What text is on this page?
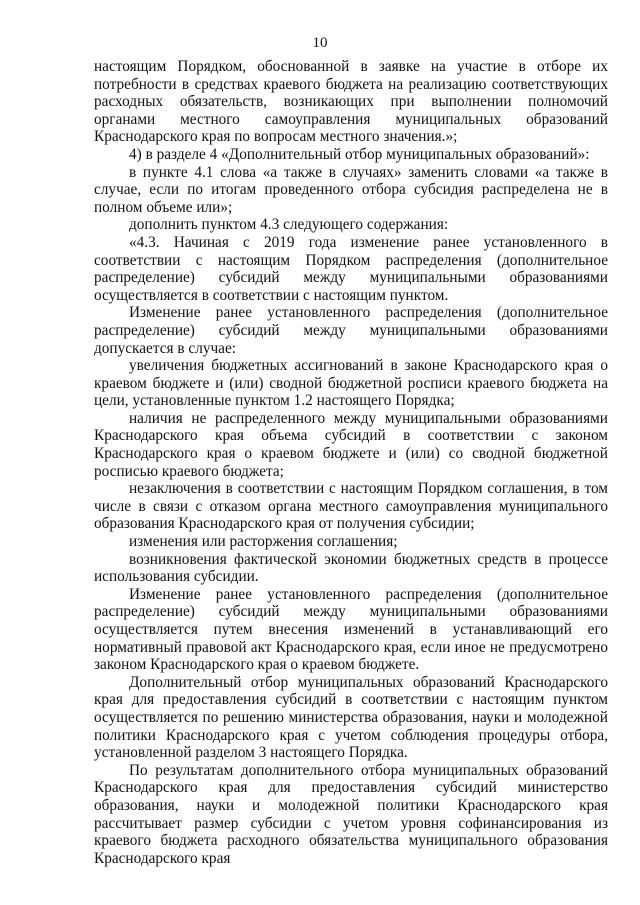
10

настоящим Порядком, обоснованной в заявке на участие в отборе их потребности в средствах краевого бюджета на реализацию соответствующих расходных обязательств, возникающих при выполнении полномочий органами местного самоуправления муниципальных образований Краснодарского края по вопросам местного значения.»;

4) в разделе 4 «Дополнительный отбор муниципальных образований»:

в пункте 4.1 слова «а также в случаях» заменить словами «а также в случае, если по итогам проведенного отбора субсидия распределена не в полном объеме или»;

дополнить пунктом 4.3 следующего содержания:

«4.3. Начиная с 2019 года изменение ранее установленного в соответствии с настоящим Порядком распределения (дополнительное распределение) субсидий между муниципальными образованиями осуществляется в соответствии с настоящим пунктом.

Изменение ранее установленного распределения (дополнительное распределение) субсидий между муниципальными образованиями допускается в случае:

увеличения бюджетных ассигнований в законе Краснодарского края о краевом бюджете и (или) сводной бюджетной росписи краевого бюджета на цели, установленные пунктом 1.2 настоящего Порядка;

наличия не распределенного между муниципальными образованиями Краснодарского края объема субсидий в соответствии с законом Краснодарского края о краевом бюджете и (или) со сводной бюджетной росписью краевого бюджета;

незаключения в соответствии с настоящим Порядком соглашения, в том числе в связи с отказом органа местного самоуправления муниципального образования Краснодарского края от получения субсидии;

изменения или расторжения соглашения;

возникновения фактической экономии бюджетных средств в процессе использования субсидии.

Изменение ранее установленного распределения (дополнительное распределение) субсидий между муниципальными образованиями осуществляется путем внесения изменений в устанавливающий его нормативный правовой акт Краснодарского края, если иное не предусмотрено законом Краснодарского края о краевом бюджете.

Дополнительный отбор муниципальных образований Краснодарского края для предоставления субсидий в соответствии с настоящим пунктом осуществляется по решению министерства образования, науки и молодежной политики Краснодарского края с учетом соблюдения процедуры отбора, установленной разделом 3 настоящего Порядка.

По результатам дополнительного отбора муниципальных образований Краснодарского края для предоставления субсидий министерство образования, науки и молодежной политики Краснодарского края рассчитывает размер субсидии с учетом уровня софинансирования из краевого бюджета расходного обязательства муниципального образования Краснодарского края
